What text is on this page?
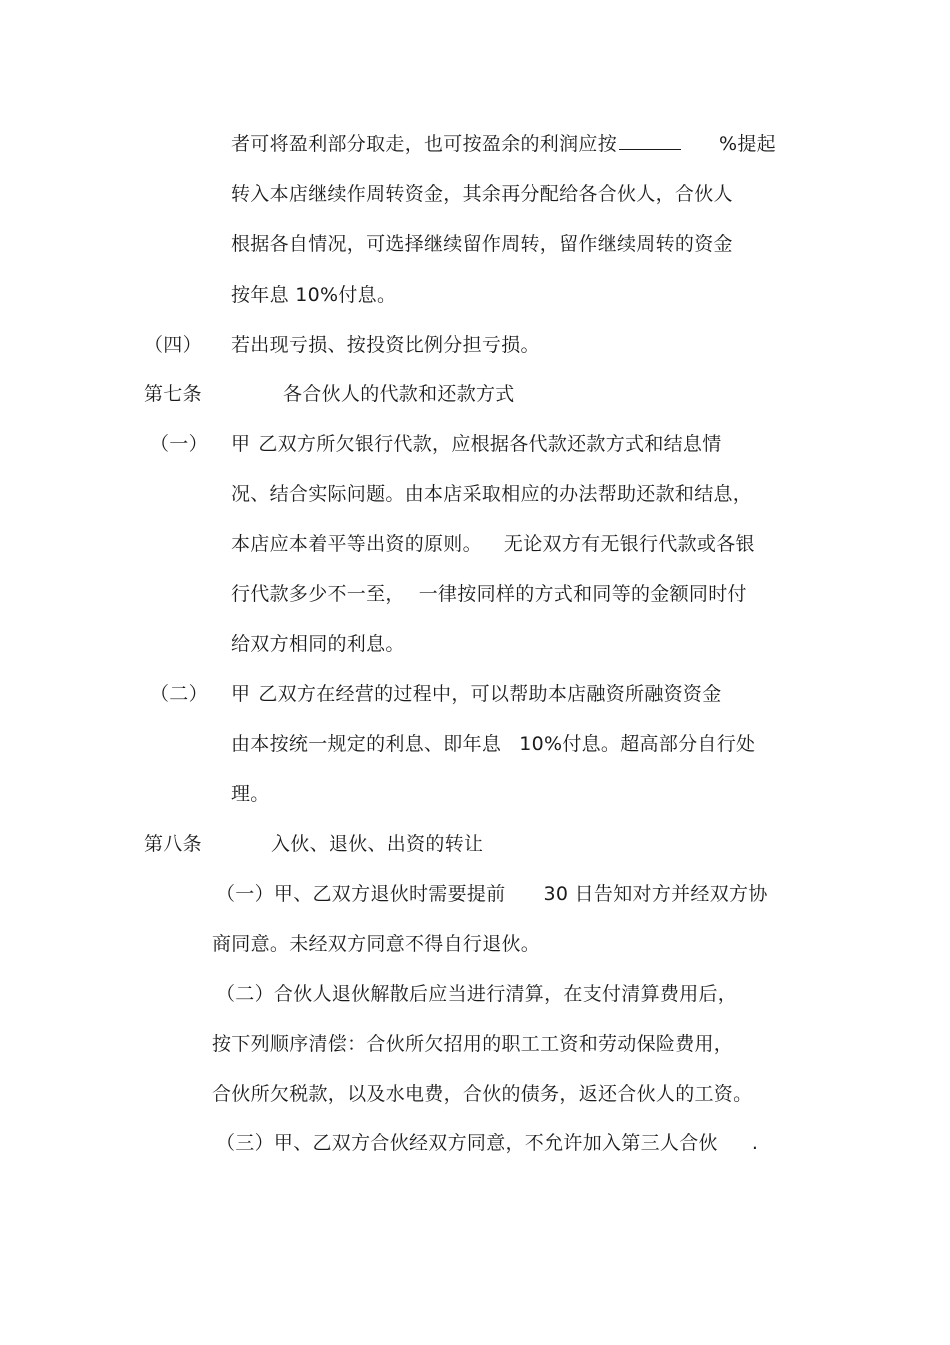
者可将盈利部分取走，也可按盈余的利润应按	%提起
转入本店继续作周转资金，其余再分配给各合伙人，合伙人
根据各自情况，可选择继续留作周转，留作继续周转的资金
按年息 10%付息。
（四） 若出现亏损、按投资比例分担亏损。
第七条	各合伙人的代款和还款方式
（一） 甲 乙双方所欠银行代款，应根据各代款还款方式和结息情
况、结合实际问题。由本店采取相应的办法帮助还款和结息，
本店应本着平等出资的原则。 无论双方有无银行代款或各银
行代款多少不一至， 一律按同样的方式和同等的金额同时付
给双方相同的利息。
（二） 甲 乙双方在经营的过程中，可以帮助本店融资所融资资金
由本按统一规定的利息、即年息 10%付息。超高部分自行处
理。
第八条	入伙、退伙、出资的转让
（一）甲、乙双方退伙时需要提前 30 日告知对方并经双方协
商同意。未经双方同意不得自行退伙。
（二）合伙人退伙解散后应当进行清算，在支付清算费用后，
按下列顺序清偿：合伙所欠招用的职工工资和劳动保险费用，
合伙所欠税款，以及水电费，合伙的债务，返还合伙人的工资。
（三）甲、乙双方合伙经双方同意，不允许加入第三人合伙 .
